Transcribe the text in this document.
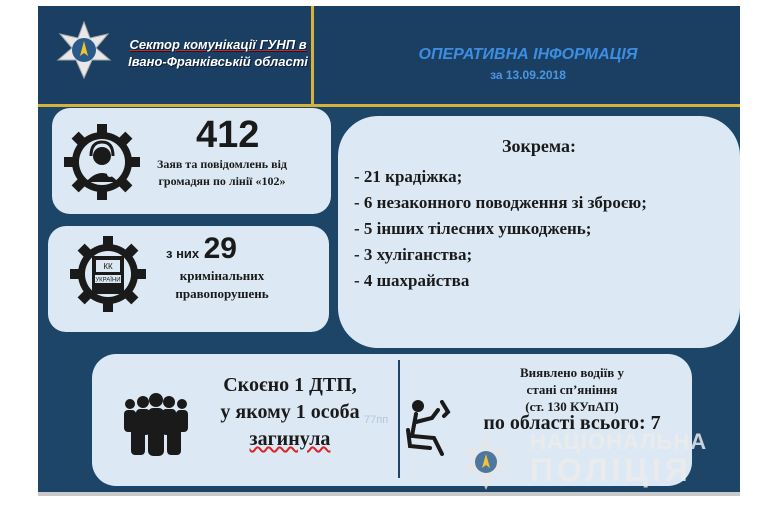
Сектор комунікації ГУНП в
Івано-Франківській області	ОПЕРАТИВНА ІНФОРМАЦІЯ
за 13.09.2018
412
Заяв та повідомлень від громадян по лінії «102»
КК
УКРАЇНИ
з них 29
кримінальних правопорушень
Зокрема:
- 21 крадіжка;
- 6 незаконного поводження зі зброєю;
- 5 інших тілесних ушкоджень;
- 3 хуліганства;
- 4 шахрайства
Скоєно 1 ДТП,
у якому 1 особа
загинула
Виявлено водіїв у
стані сп’яніння
(ст. 130 КУпАП)
по області всього: 7
77пп
НАЦІОНАЛЬНА
ПОЛІЦІЯ
